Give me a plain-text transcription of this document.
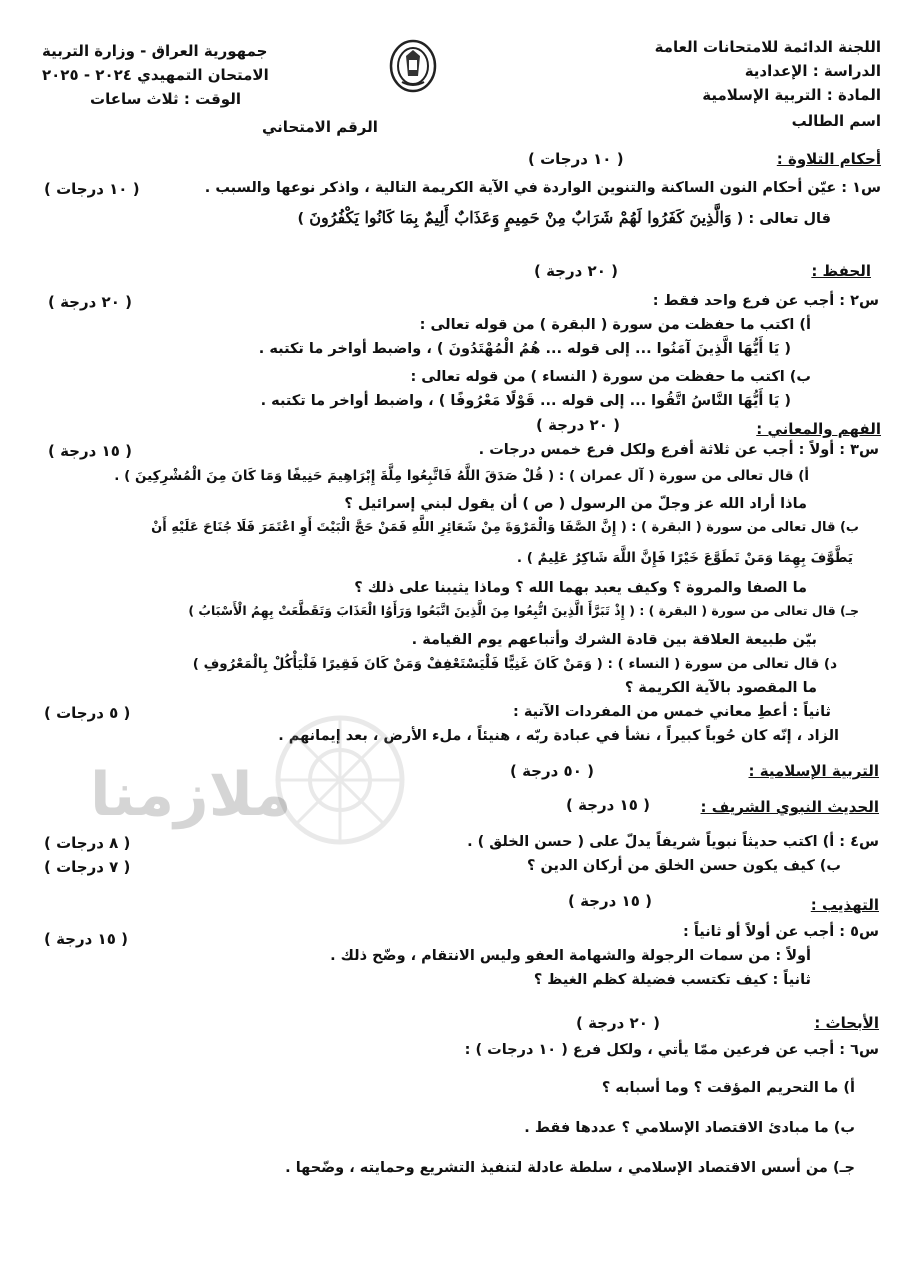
اللجنة الدائمة للامتحانات العامة
الدراسة : الإعدادية
المادة : التربية الإسلامية
اسم الطالب
جمهورية العراق - وزارة التربية
الامتحان التمهيدي ٢٠٢٤ - ٢٠٢٥
الوقت : ثلاث ساعات
الرقم الامتحاني
أحكام التلاوة :
( ١٠ درجات )
س١ : عيّن أحكام النون الساكنة والتنوين الواردة في الآية الكريمة التالية ، واذكر نوعها والسبب .
( ١٠ درجات )
قال تعالى : ( وَالَّذِينَ كَفَرُوا لَهُمْ شَرَابٌ مِنْ حَمِيمٍ وَعَذَابٌ أَلِيمٌ بِمَا كَانُوا يَكْفُرُونَ )
الحفظ :
( ٢٠ درجة )
س٢ : أجب عن فرع واحد فقط :
( ٢٠ درجة )
أ) اكتب ما حفظت من سورة ( البقرة ) من قوله تعالى :
( يَا أَيُّهَا الَّذِينَ آمَنُوا ... إلى قوله ... هُمُ الْمُهْتَدُونَ ) ، واضبط أواخر ما تكتبه .
ب) اكتب ما حفظت من سورة ( النساء ) من قوله تعالى :
( يَا أَيُّهَا النَّاسُ اتَّقُوا ... إلى قوله ... قَوْلًا مَعْرُوفًا ) ، واضبط أواخر ما تكتبه .
الفهم والمعاني :
( ٢٠ درجة )
س٣ : أولاً : أجب عن ثلاثة أفرع ولكل فرع خمس درجات .
( ١٥ درجة )
أ) قال تعالى من سورة ( آل عمران ) : ( قُلْ صَدَقَ اللَّهُ فَاتَّبِعُوا مِلَّةَ إِبْرَاهِيمَ حَنِيفًا وَمَا كَانَ مِنَ الْمُشْرِكِينَ ) .
ماذا أراد الله عز وجلّ من الرسول ( ص ) أن يقول لبني إسرائيل ؟
ب) قال تعالى من سورة ( البقرة ) : ( إِنَّ الصَّفَا وَالْمَرْوَةَ مِنْ شَعَائِرِ اللَّهِ فَمَنْ حَجَّ الْبَيْتَ أَوِ اعْتَمَرَ فَلَا جُنَاحَ عَلَيْهِ أَنْ
يَطَّوَّفَ بِهِمَا وَمَنْ تَطَوَّعَ خَيْرًا فَإِنَّ اللَّهَ شَاكِرٌ عَلِيمٌ ) .
ما الصفا والمروة ؟ وكيف يعبد بهما الله ؟ وماذا يثيبنا على ذلك ؟
جـ) قال تعالى من سورة ( البقرة ) : ( إِذْ تَبَرَّأَ الَّذِينَ اتُّبِعُوا مِنَ الَّذِينَ اتَّبَعُوا وَرَأَوُا الْعَذَابَ وَتَقَطَّعَتْ بِهِمُ الْأَسْبَابُ )
بيّن طبيعة العلاقة بين قادة الشرك وأتباعهم يوم القيامة .
د) قال تعالى من سورة ( النساء ) : ( وَمَنْ كَانَ غَنِيًّا فَلْيَسْتَعْفِفْ وَمَنْ كَانَ فَقِيرًا فَلْيَأْكُلْ بِالْمَعْرُوفِ )
ما المقصود بالآية الكريمة ؟
ثانياً : أعطِ معاني خمس من المفردات الآتية :
( ٥ درجات )
الزاد ، إنّه كان حُوباً كبيراً ، نشأ في عبادة ربّه ، هنيئاً ، ملء الأرض ، بعد إيمانهم .
ملازمنا	التربية الإسلامية :
( ٥٠ درجة )
الحديث النبوي الشريف :
( ١٥ درجة )
س٤ : أ) اكتب حديثاً نبوياً شريفاً يدلّ على ( حسن الخلق ) .
( ٨ درجات )
ب) كيف يكون حسن الخلق من أركان الدين ؟
( ٧ درجات )
التهذيب :
( ١٥ درجة )
س٥ : أجب عن أولاً أو ثانياً :
( ١٥ درجة )
أولاً : من سمات الرجولة والشهامة العفو وليس الانتقام ، وضّح ذلك .
ثانياً : كيف تكتسب فضيلة كظم الغيظ ؟
الأبحاث :
( ٢٠ درجة )
س٦ : أجب عن فرعين ممّا يأتي ، ولكل فرع ( ١٠ درجات ) :
أ) ما التحريم المؤقت ؟ وما أسبابه ؟
ب) ما مبادئ الاقتصاد الإسلامي ؟ عددها فقط .
جـ) من أسس الاقتصاد الإسلامي ، سلطة عادلة لتنفيذ التشريع وحمايته ، وضّحها .
